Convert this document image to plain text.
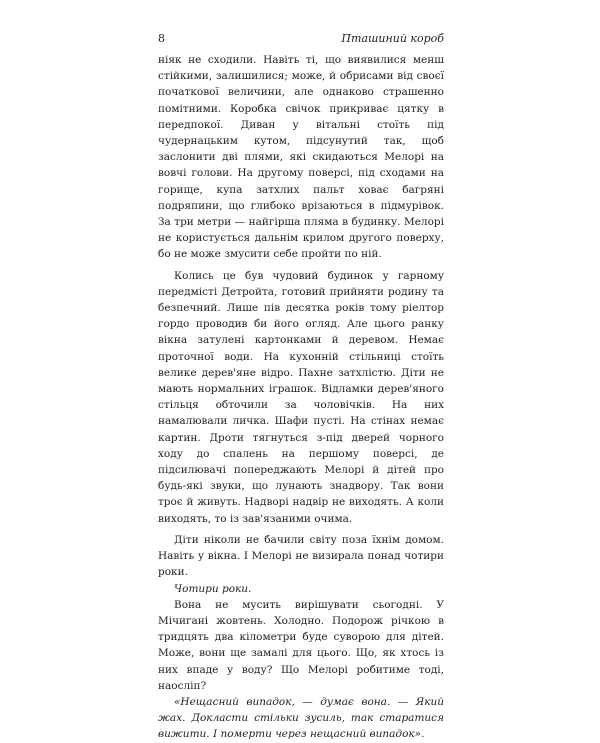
8	Пташиний короб

ніяк не сходили. Навіть ті, що виявилися менш стійкими, залишилися; може, й обрисами від своєї початкової величини, але однаково страшенно помітними. Коробка свічок прикриває цятку в передпокої. Диван у вітальні стоїть під чудернацьким кутом, підсунутий так, щоб заслонити дві плями, які скидаються Мелорі на вовчі голови. На другому поверсі, під сходами на горище, купа затхлих пальт ховає багряні подряпини, що глибоко врізаються в підмурівок. За три метри — найгірша пляма в будинку. Мелорі не користується дальнім крилом другого поверху, бо не може змусити себе пройти по ній.

Колись це був чудовий будинок у гарному передмісті Детройта, готовий прийняти родину та безпечний. Лише пів десятка років тому ріелтор гордо проводив би його огляд. Але цього ранку вікна затулені картонками й деревом. Немає проточної води. На кухонній стільниці стоїть велике дерев'яне відро. Пахне затхлістю. Діти не мають нормальних іграшок. Відламки дерев'яного стільця обточили за чоловічків. На них намалювали личка. Шафи пусті. На стінах немає картин. Дроти тягнуться з-під дверей чорного ходу до спалень на першому поверсі, де підсилювачі попереджають Мелорі й дітей про будь-які звуки, що лунають знадвору. Так вони троє й живуть. Надворі надвір не виходять. А коли виходять, то із зав'язаними очима.

Діти ніколи не бачили світу поза їхнім домом. Навіть у вікна. І Мелорі не визирала понад чотири роки.

Чотири роки.

Вона не мусить вирішувати сьогодні. У Мічигані жовтень. Холодно. Подорож річкою в тридцять два кілометри буде суворою для дітей. Може, вони ще замалі для цього. Що, як хтось із них впаде у воду? Що Мелорі робитиме тоді, наосліп?

«Нещасний випадок, — думає вона. — Який жах. Докласти стільки зусиль, так старатися вижити. І померти через нещасний випадок».
